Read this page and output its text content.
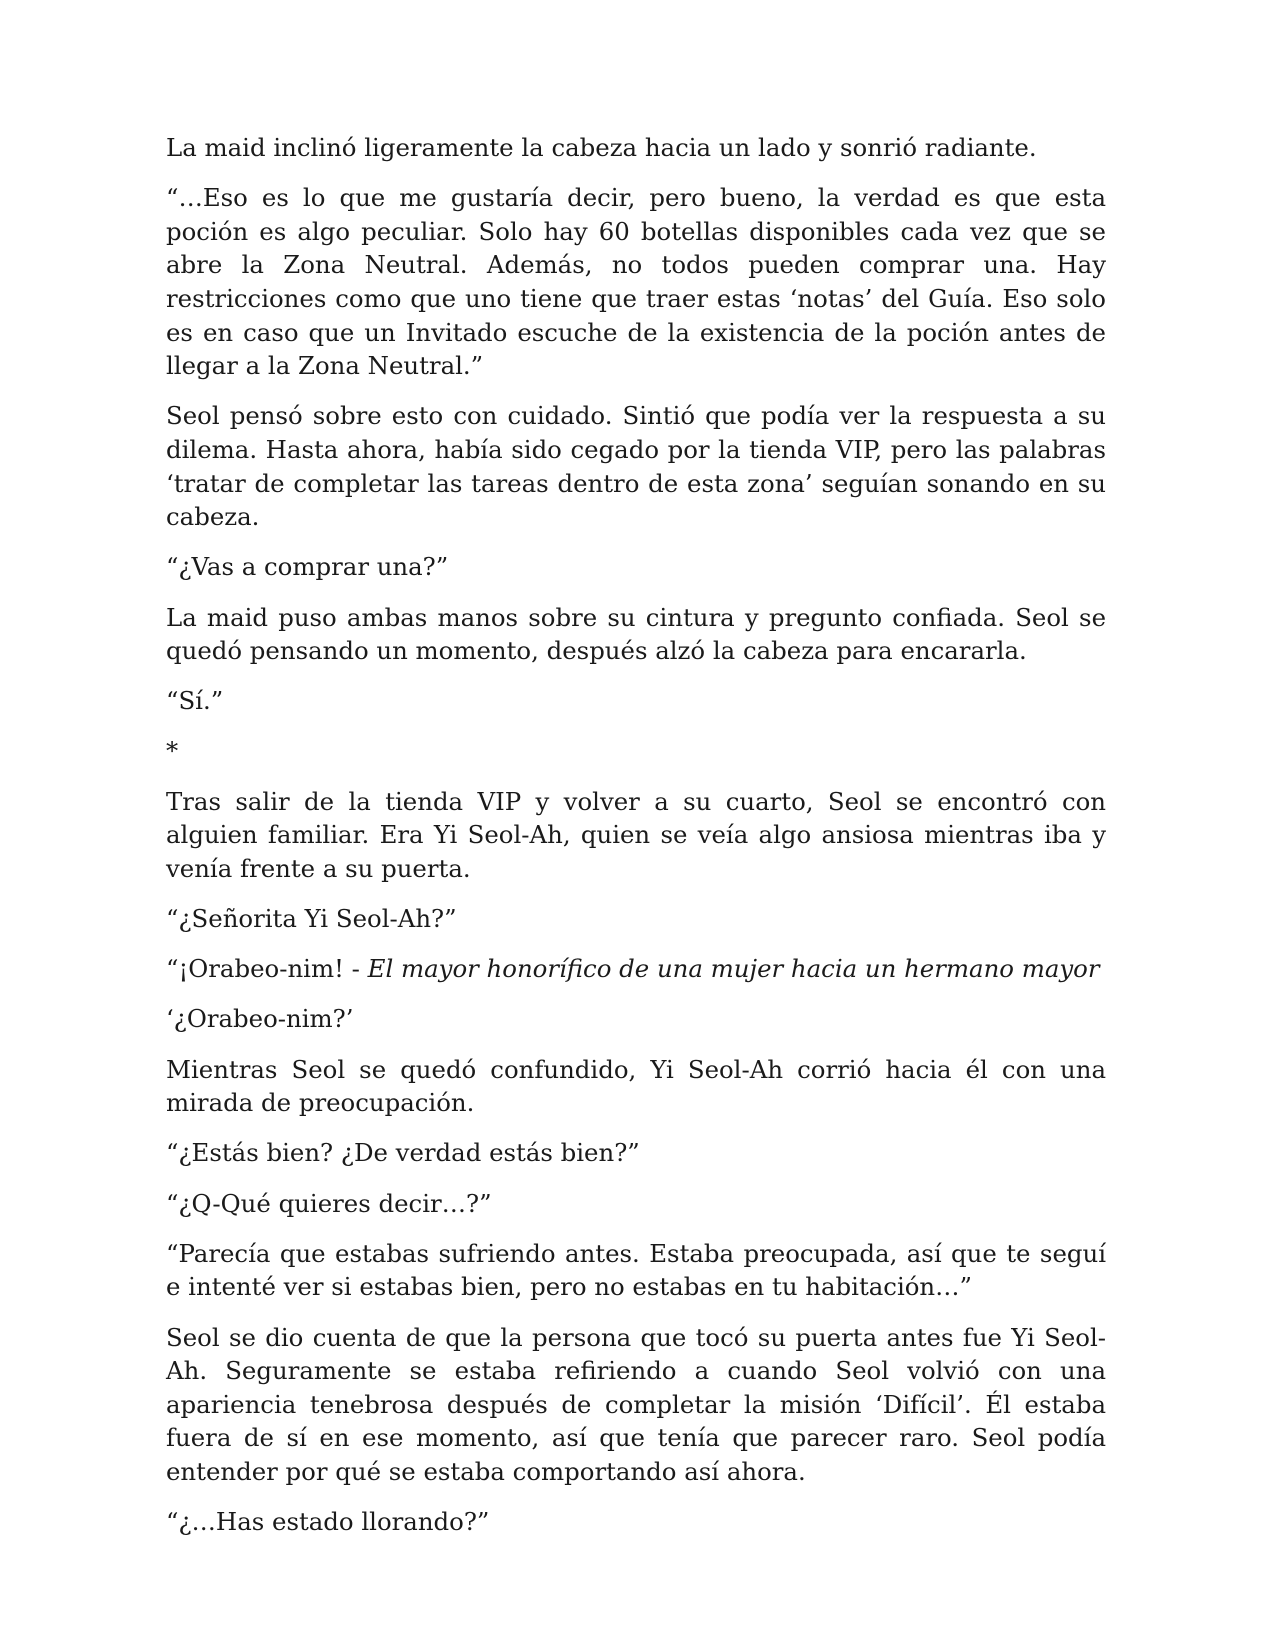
La maid inclinó ligeramente la cabeza hacia un lado y sonrió radiante.

“…Eso es lo que me gustaría decir, pero bueno, la verdad es que esta poción es algo peculiar. Solo hay 60 botellas disponibles cada vez que se abre la Zona Neutral. Además, no todos pueden comprar una. Hay restricciones como que uno tiene que traer estas ‘notas’ del Guía. Eso solo es en caso que un Invitado escuche de la existencia de la poción antes de llegar a la Zona Neutral.”

Seol pensó sobre esto con cuidado. Sintió que podía ver la respuesta a su dilema. Hasta ahora, había sido cegado por la tienda VIP, pero las palabras ‘tratar de completar las tareas dentro de esta zona’ seguían sonando en su cabeza.

“¿Vas a comprar una?”

La maid puso ambas manos sobre su cintura y pregunto confiada. Seol se quedó pensando un momento, después alzó la cabeza para encararla.

“Sí.”

*

Tras salir de la tienda VIP y volver a su cuarto, Seol se encontró con alguien familiar. Era Yi Seol-Ah, quien se veía algo ansiosa mientras iba y venía frente a su puerta.

“¿Señorita Yi Seol-Ah?”

“¡Orabeo-nim! - El mayor honorífico de una mujer hacia un hermano mayor

‘¿Orabeo-nim?’

Mientras Seol se quedó confundido, Yi Seol-Ah corrió hacia él con una mirada de preocupación.

“¿Estás bien? ¿De verdad estás bien?”

“¿Q-Qué quieres decir…?”

“Parecía que estabas sufriendo antes. Estaba preocupada, así que te seguí e intenté ver si estabas bien, pero no estabas en tu habitación…”

Seol se dio cuenta de que la persona que tocó su puerta antes fue Yi Seol-Ah. Seguramente se estaba refiriendo a cuando Seol volvió con una apariencia tenebrosa después de completar la misión ‘Difícil’. Él estaba fuera de sí en ese momento, así que tenía que parecer raro. Seol podía entender por qué se estaba comportando así ahora.

“¿…Has estado llorando?”
